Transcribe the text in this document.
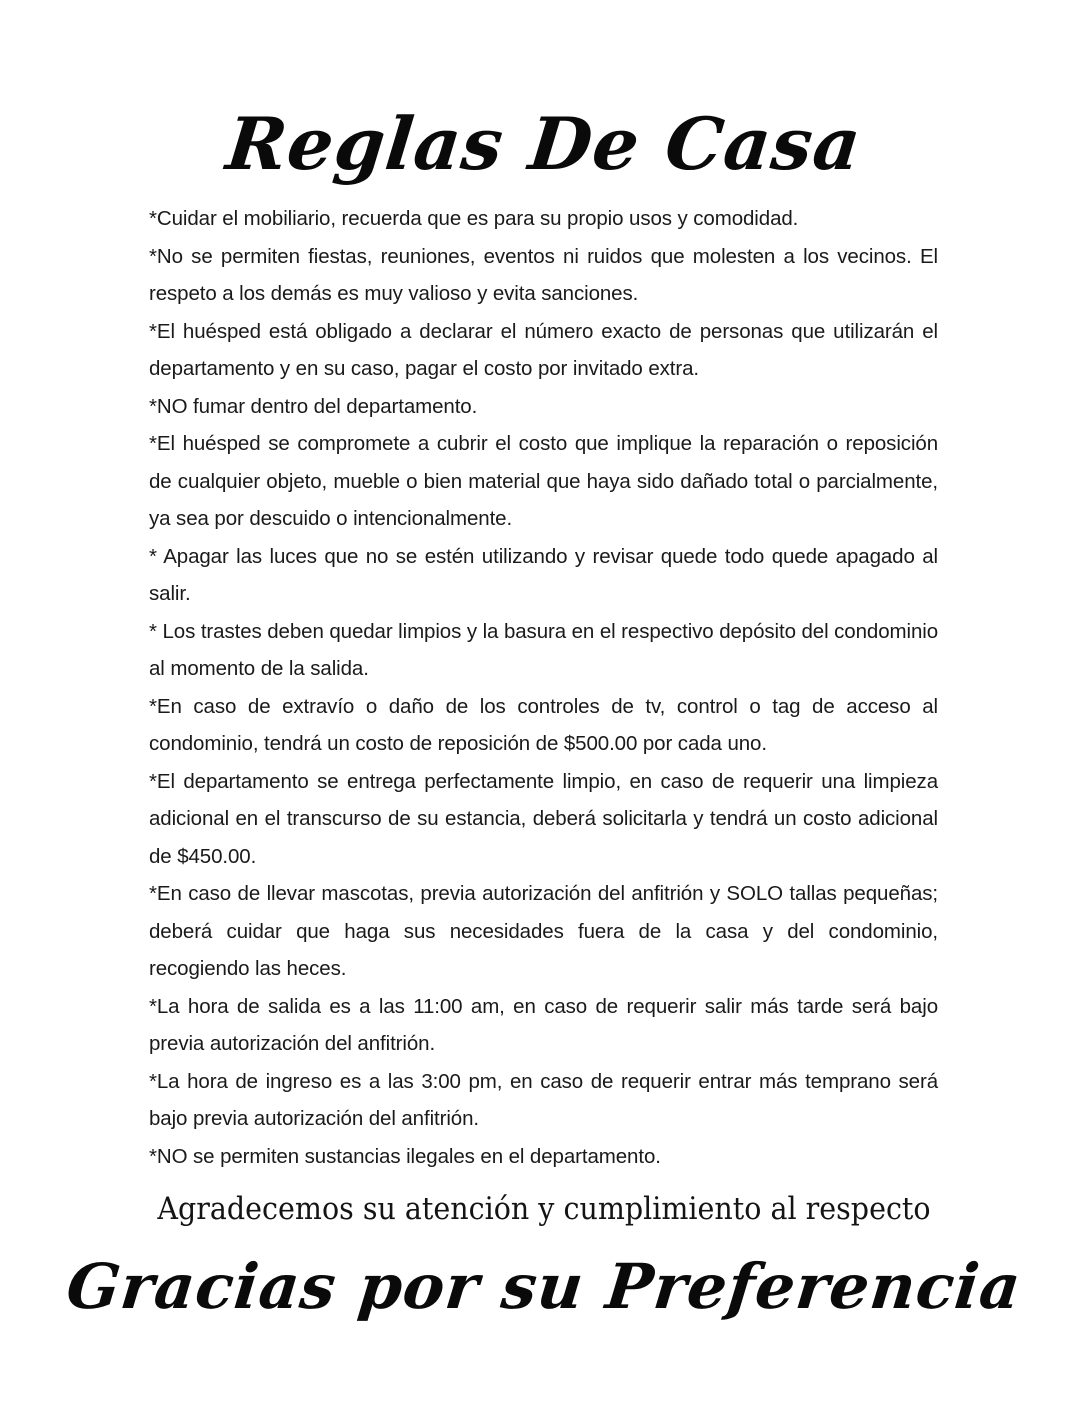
Reglas De Casa

*Cuidar el mobiliario, recuerda que es para su propio usos y comodidad.

*No se permiten fiestas, reuniones, eventos ni ruidos que molesten a los vecinos. El respeto a los demás es muy valioso y evita sanciones.

*El huésped está obligado a declarar el número exacto de personas que utilizarán el departamento y en su caso, pagar el costo por invitado extra.

*NO fumar dentro del departamento.

*El huésped se compromete a cubrir el costo que implique la reparación o reposición de cualquier objeto, mueble o bien material que haya sido dañado total o parcialmente, ya sea por descuido o intencionalmente.

* Apagar las luces que no se estén utilizando y revisar quede todo quede apagado al salir.

* Los trastes deben quedar limpios y la basura en el respectivo depósito del condominio al momento de la salida.

*En caso de extravío o daño de los controles de tv, control o tag de acceso al condominio, tendrá un costo de reposición de $500.00 por cada uno.

*El departamento se entrega perfectamente limpio, en caso de requerir una limpieza adicional en el transcurso de su estancia, deberá solicitarla y tendrá un costo adicional de $450.00.

*En caso de llevar mascotas, previa autorización del anfitrión y SOLO tallas pequeñas; deberá cuidar que haga sus necesidades fuera de la casa y del condominio, recogiendo las heces.

*La hora de salida es a las 11:00 am, en caso de requerir salir más tarde será bajo previa autorización del anfitrión.

*La hora de ingreso es a las 3:00 pm, en caso de requerir entrar más temprano será bajo previa autorización del anfitrión.

*NO se permiten sustancias ilegales en el departamento.

Agradecemos su atención y cumplimiento al respecto
Gracias por su Preferencia
